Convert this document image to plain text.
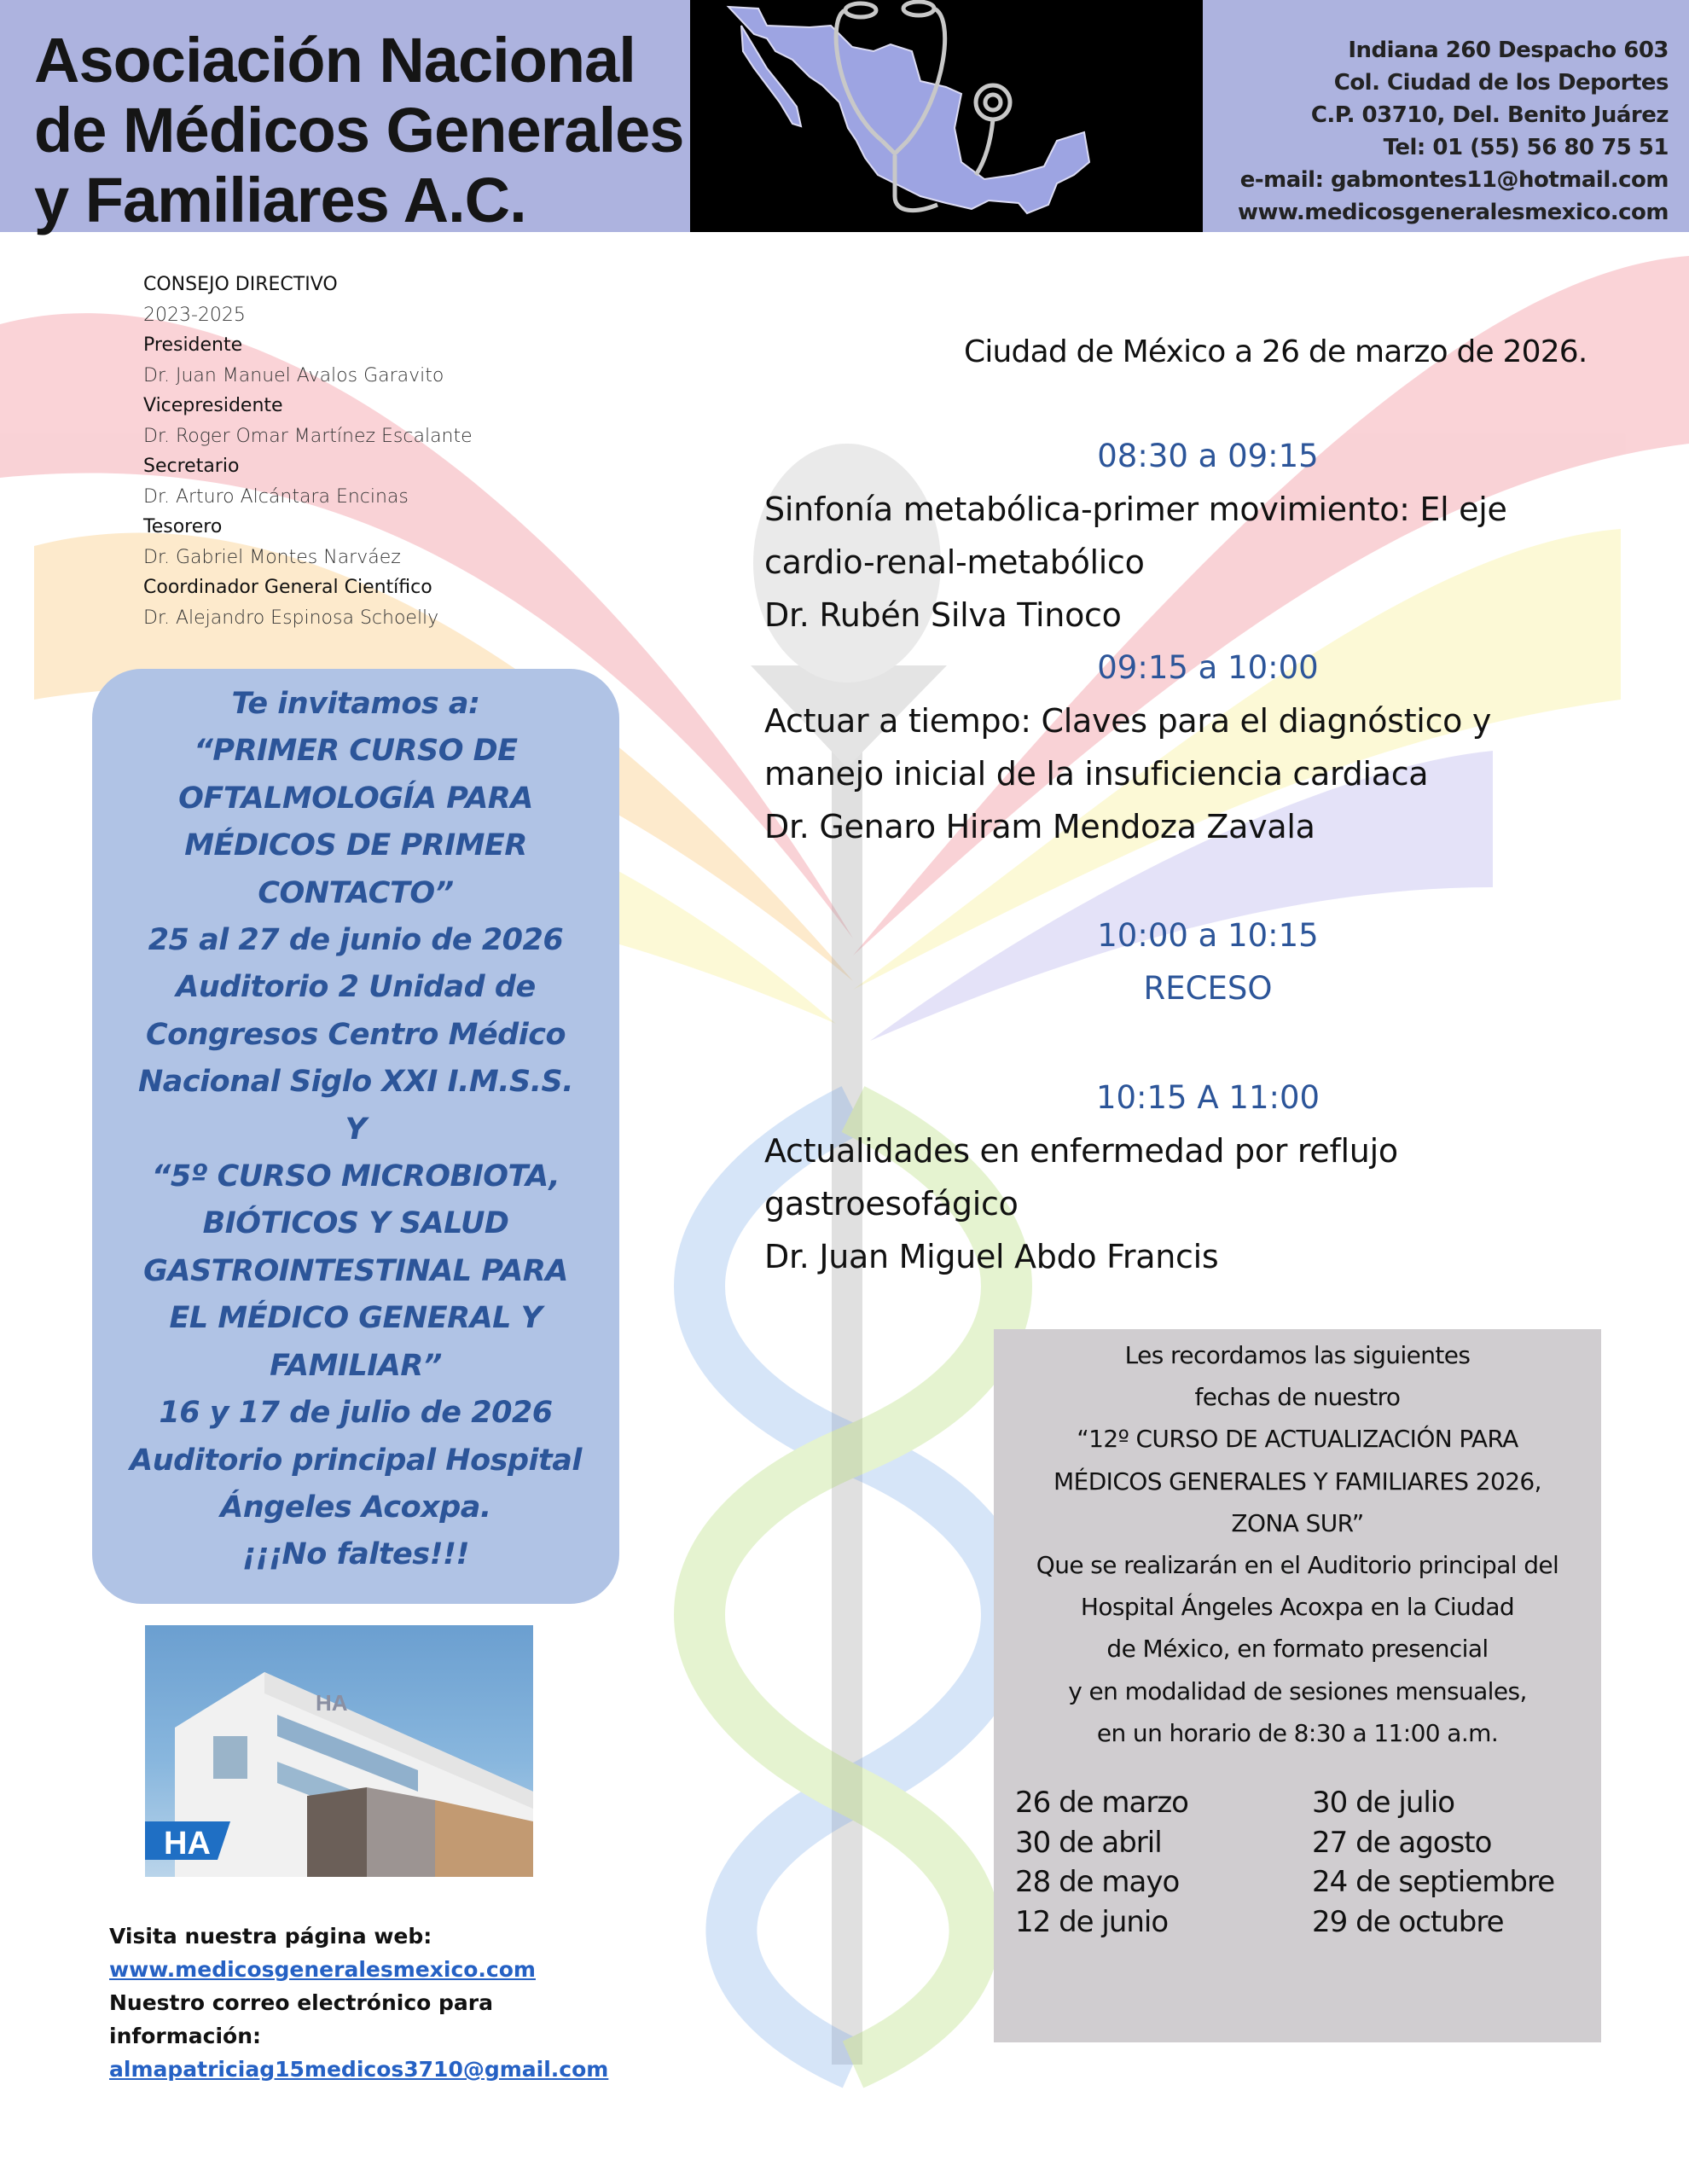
Asociación Nacional
de Médicos Generales
y Familiares A.C.
Indiana 260 Despacho 603
Col. Ciudad de los Deportes
C.P. 03710, Del. Benito Juárez
Tel: 01 (55) 56 80 75 51
e-mail: gabmontes11@hotmail.com
www.medicosgeneralesmexico.com
CONSEJO DIRECTIVO
2023-2025
Presidente
Dr. Juan Manuel Avalos Garavito
Vicepresidente
Dr. Roger Omar Martínez Escalante
Secretario
Dr. Arturo Alcántara Encinas
Tesorero
Dr. Gabriel Montes Narváez
Coordinador General Científico
Dr. Alejandro Espinosa Schoelly
Te invitamos a:
“PRIMER CURSO DE
OFTALMOLOGÍA PARA
MÉDICOS DE PRIMER
CONTACTO”
25 al 27 de junio de 2026
Auditorio 2 Unidad de
Congresos Centro Médico
Nacional Siglo XXI I.M.S.S.
Y
“5º CURSO MICROBIOTA,
BIÓTICOS Y SALUD
GASTROINTESTINAL PARA
EL MÉDICO GENERAL Y
FAMILIAR”
16 y 17 de julio de 2026
Auditorio principal Hospital
Ángeles Acoxpa.
¡¡¡No faltes!!!
HA
HA
Visita nuestra página web:
www.medicosgeneralesmexico.com
Nuestro correo electrónico para
información:
almapatriciag15medicos3710@gmail.com
Ciudad de México a 26 de marzo de 2026.
08:30 a 09:15
Sinfonía metabólica-primer movimiento: El eje
cardio-renal-metabólico
Dr. Rubén Silva Tinoco
09:15 a 10:00
Actuar a tiempo: Claves para el diagnóstico y
manejo inicial de la insuficiencia cardiaca
Dr. Genaro Hiram Mendoza Zavala
10:00 a 10:15
RECESO
10:15 A 11:00
Actualidades en enfermedad por reflujo
gastroesofágico
Dr. Juan Miguel Abdo Francis
Les recordamos las siguientes
fechas de nuestro
“12º CURSO DE ACTUALIZACIÓN PARA
MÉDICOS GENERALES Y FAMILIARES 2026,
ZONA SUR”
Que se realizarán en el Auditorio principal del
Hospital Ángeles Acoxpa en la Ciudad
de México, en formato presencial
y en modalidad de sesiones mensuales,
en un horario de 8:30 a 11:00 a.m.
26 de marzo
30 de abril
28 de mayo
12 de junio
30 de julio
27 de agosto
24 de septiembre
29 de octubre
